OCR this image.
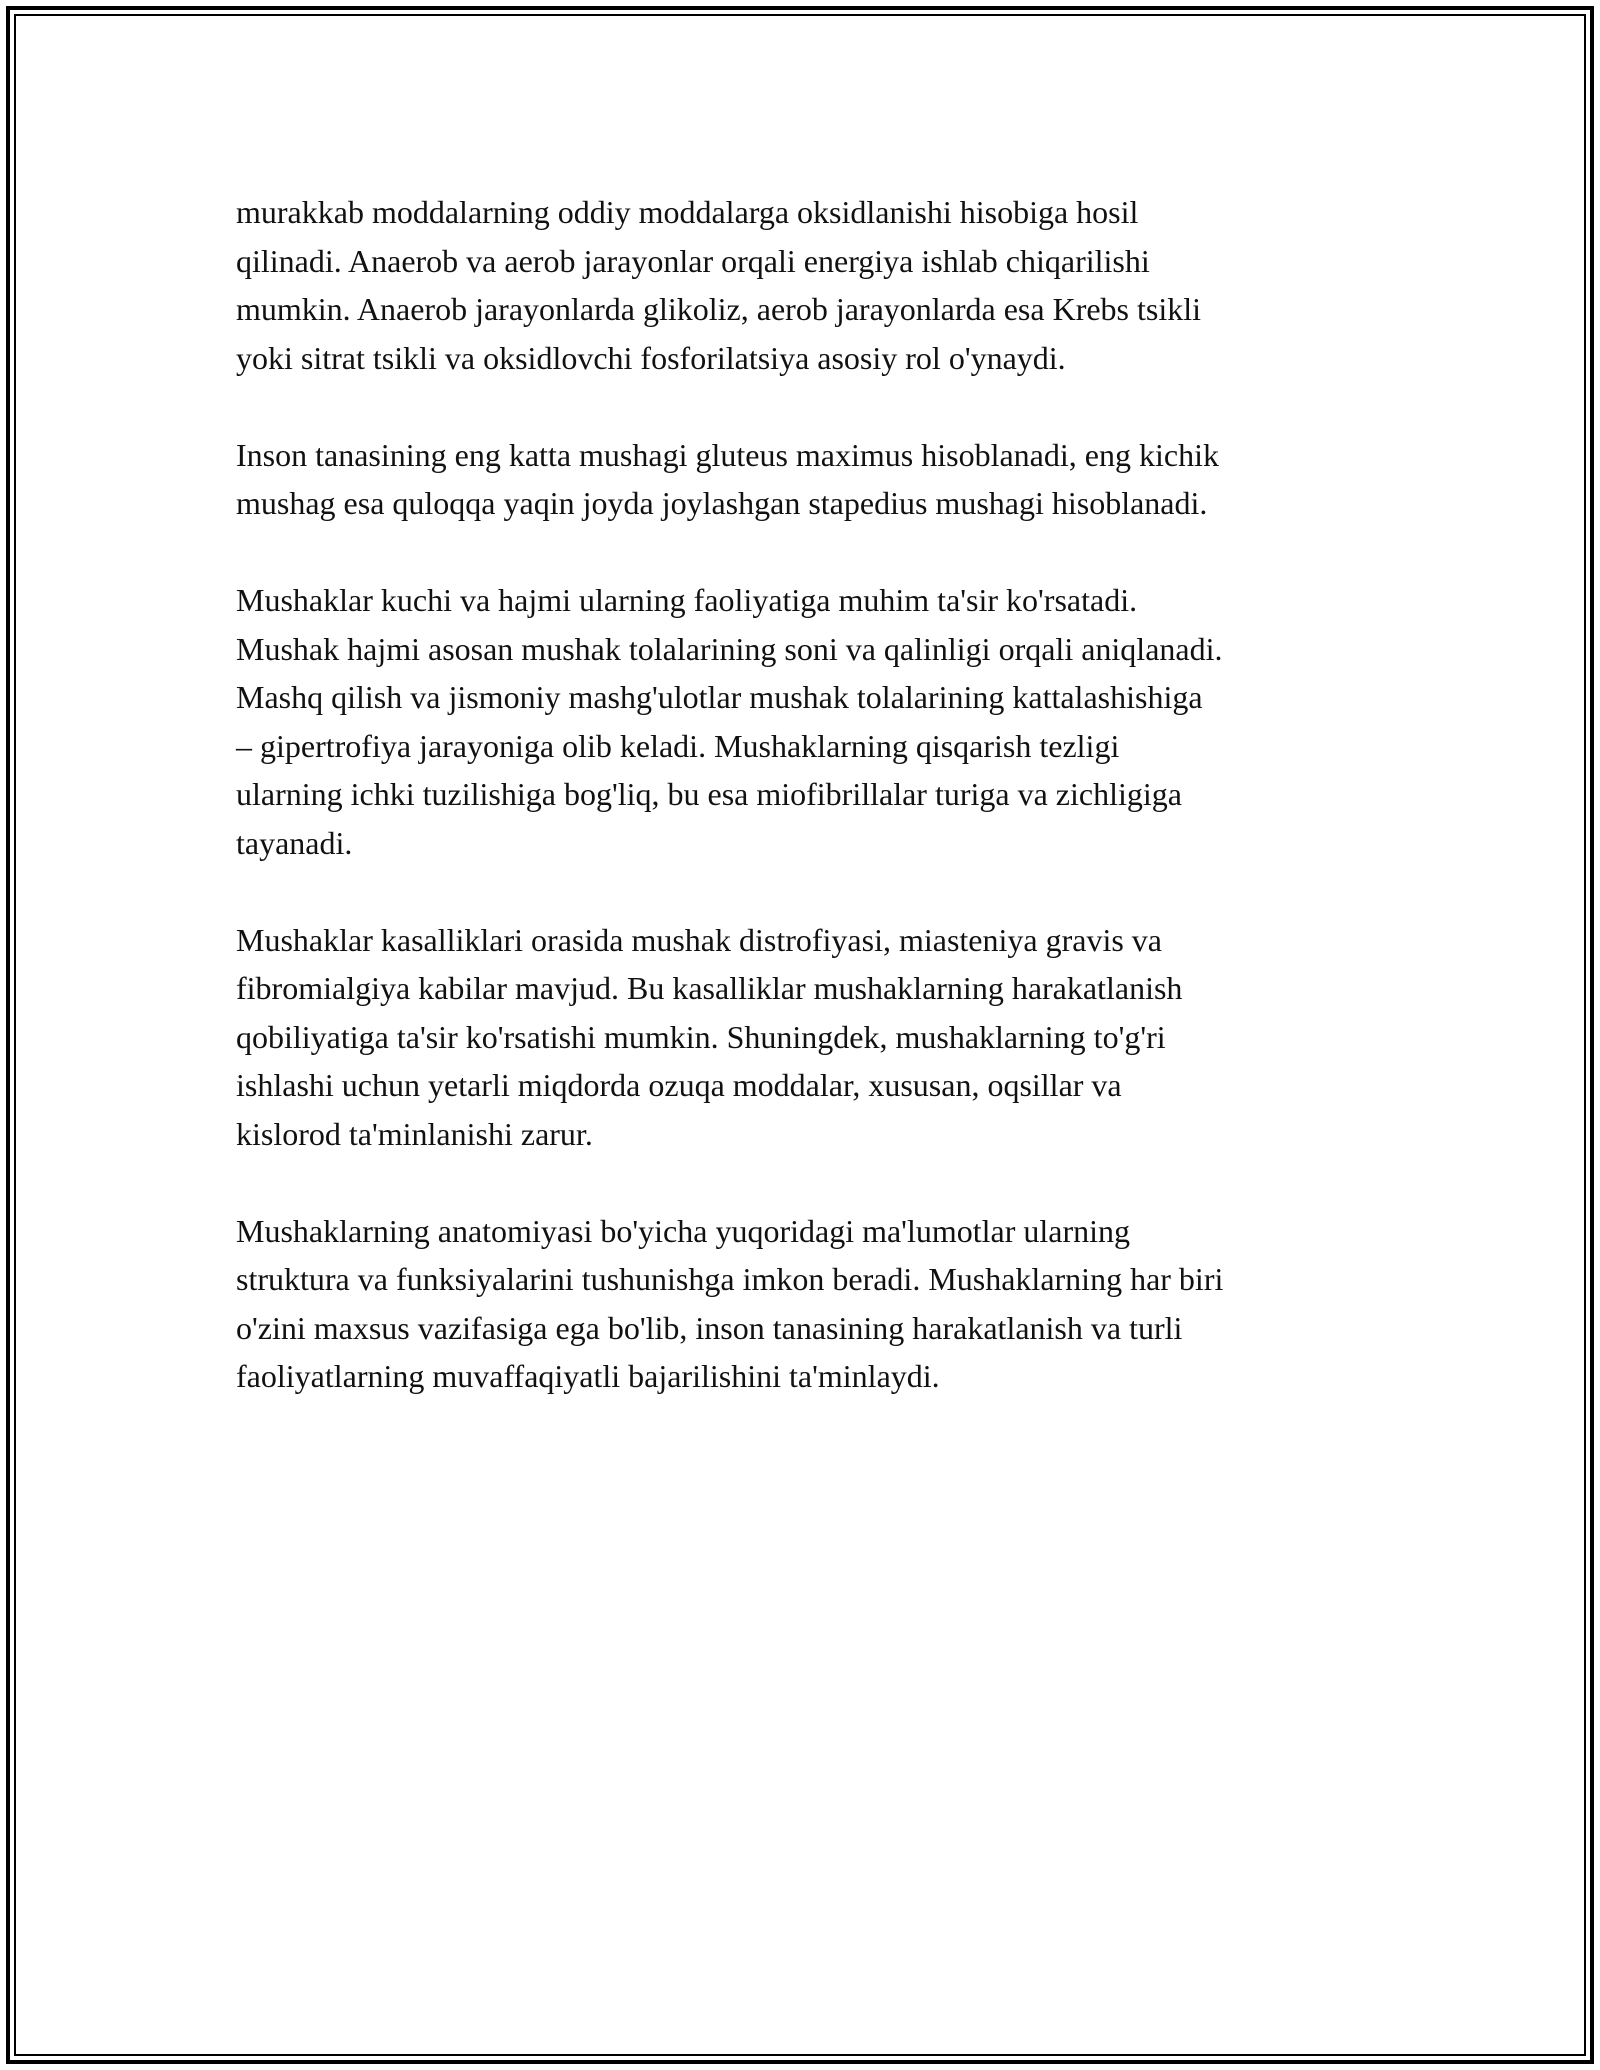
murakkab moddalarning oddiy moddalarga oksidlanishi hisobiga hosil
qilinadi. Anaerob va aerob jarayonlar orqali energiya ishlab chiqarilishi
mumkin. Anaerob jarayonlarda glikoliz, aerob jarayonlarda esa Krebs tsikli
yoki sitrat tsikli va oksidlovchi fosforilatsiya asosiy rol o'ynaydi.

Inson tanasining eng katta mushagi gluteus maximus hisoblanadi, eng kichik
mushag esa quloqqa yaqin joyda joylashgan stapedius mushagi hisoblanadi.

Mushaklar kuchi va hajmi ularning faoliyatiga muhim ta'sir ko'rsatadi.
Mushak hajmi asosan mushak tolalarining soni va qalinligi orqali aniqlanadi.
Mashq qilish va jismoniy mashg'ulotlar mushak tolalarining kattalashishiga
– gipertrofiya jarayoniga olib keladi. Mushaklarning qisqarish tezligi
ularning ichki tuzilishiga bog'liq, bu esa miofibrillalar turiga va zichligiga
tayanadi.

Mushaklar kasalliklari orasida mushak distrofiyasi, miasteniya gravis va
fibromialgiya kabilar mavjud. Bu kasalliklar mushaklarning harakatlanish
qobiliyatiga ta'sir ko'rsatishi mumkin. Shuningdek, mushaklarning to'g'ri
ishlashi uchun yetarli miqdorda ozuqa moddalar, xususan, oqsillar va
kislorod ta'minlanishi zarur.

Mushaklarning anatomiyasi bo'yicha yuqoridagi ma'lumotlar ularning
struktura va funksiyalarini tushunishga imkon beradi. Mushaklarning har biri
o'zini maxsus vazifasiga ega bo'lib, inson tanasining harakatlanish va turli
faoliyatlarning muvaffaqiyatli bajarilishini ta'minlaydi.
